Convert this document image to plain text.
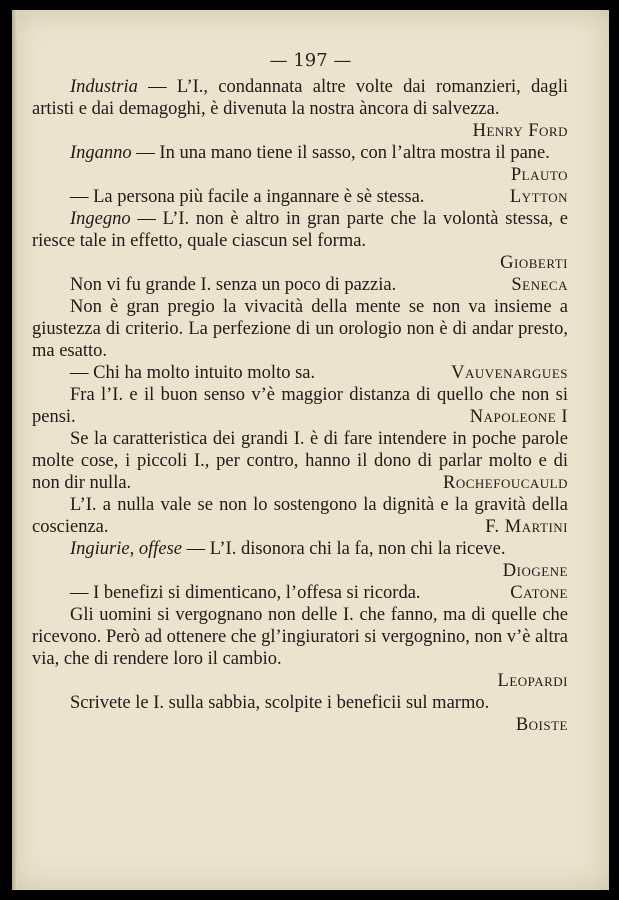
— 197 —

Industria — L’I., condannata altre volte dai romanzieri, dagli artisti e dai demagoghi, è divenuta la nostra àncora di salvezza.

Henry Ford

Inganno — In una mano tiene il sasso, con l’altra mostra il pane.

Plauto

Lytton
— La persona più facile a ingannare è sè stessa.

Ingegno — L’I. non è altro in gran parte che la volontà stessa, e riesce tale in effetto, quale ciascun sel forma.

Gioberti

Seneca
Non vi fu grande I. senza un poco di pazzia.

Non è gran pregio la vivacità della mente se non va insieme a giustezza di criterio. La perfezione di un orologio non è di andar presto, ma esatto.

Vauvenargues
— Chi ha molto intuito molto sa.

Fra l’I. e il buon senso v’è maggior distanza di quello che non si pensi.	Napoleone I

Se la caratteristica dei grandi I. è di fare intendere in poche parole molte cose, i piccoli I., per contro, hanno il dono di parlar molto e di non dir nulla.	Rochefoucauld

L’I. a nulla vale se non lo sostengono la dignità e la gravità della coscienza.	F. Martini

Ingiurie, offese — L’I. disonora chi la fa, non chi la riceve.

Diogene

Catone
— I benefizi si dimenticano, l’offesa si ricorda.

Gli uomini si vergognano non delle I. che fanno, ma di quelle che ricevono. Però ad ottenere che gl’ingiuratori si vergognino, non v’è altra via, che di rendere loro il cambio.

Leopardi

Scrivete le I. sulla sabbia, scolpite i beneficii sul marmo.

Boiste
